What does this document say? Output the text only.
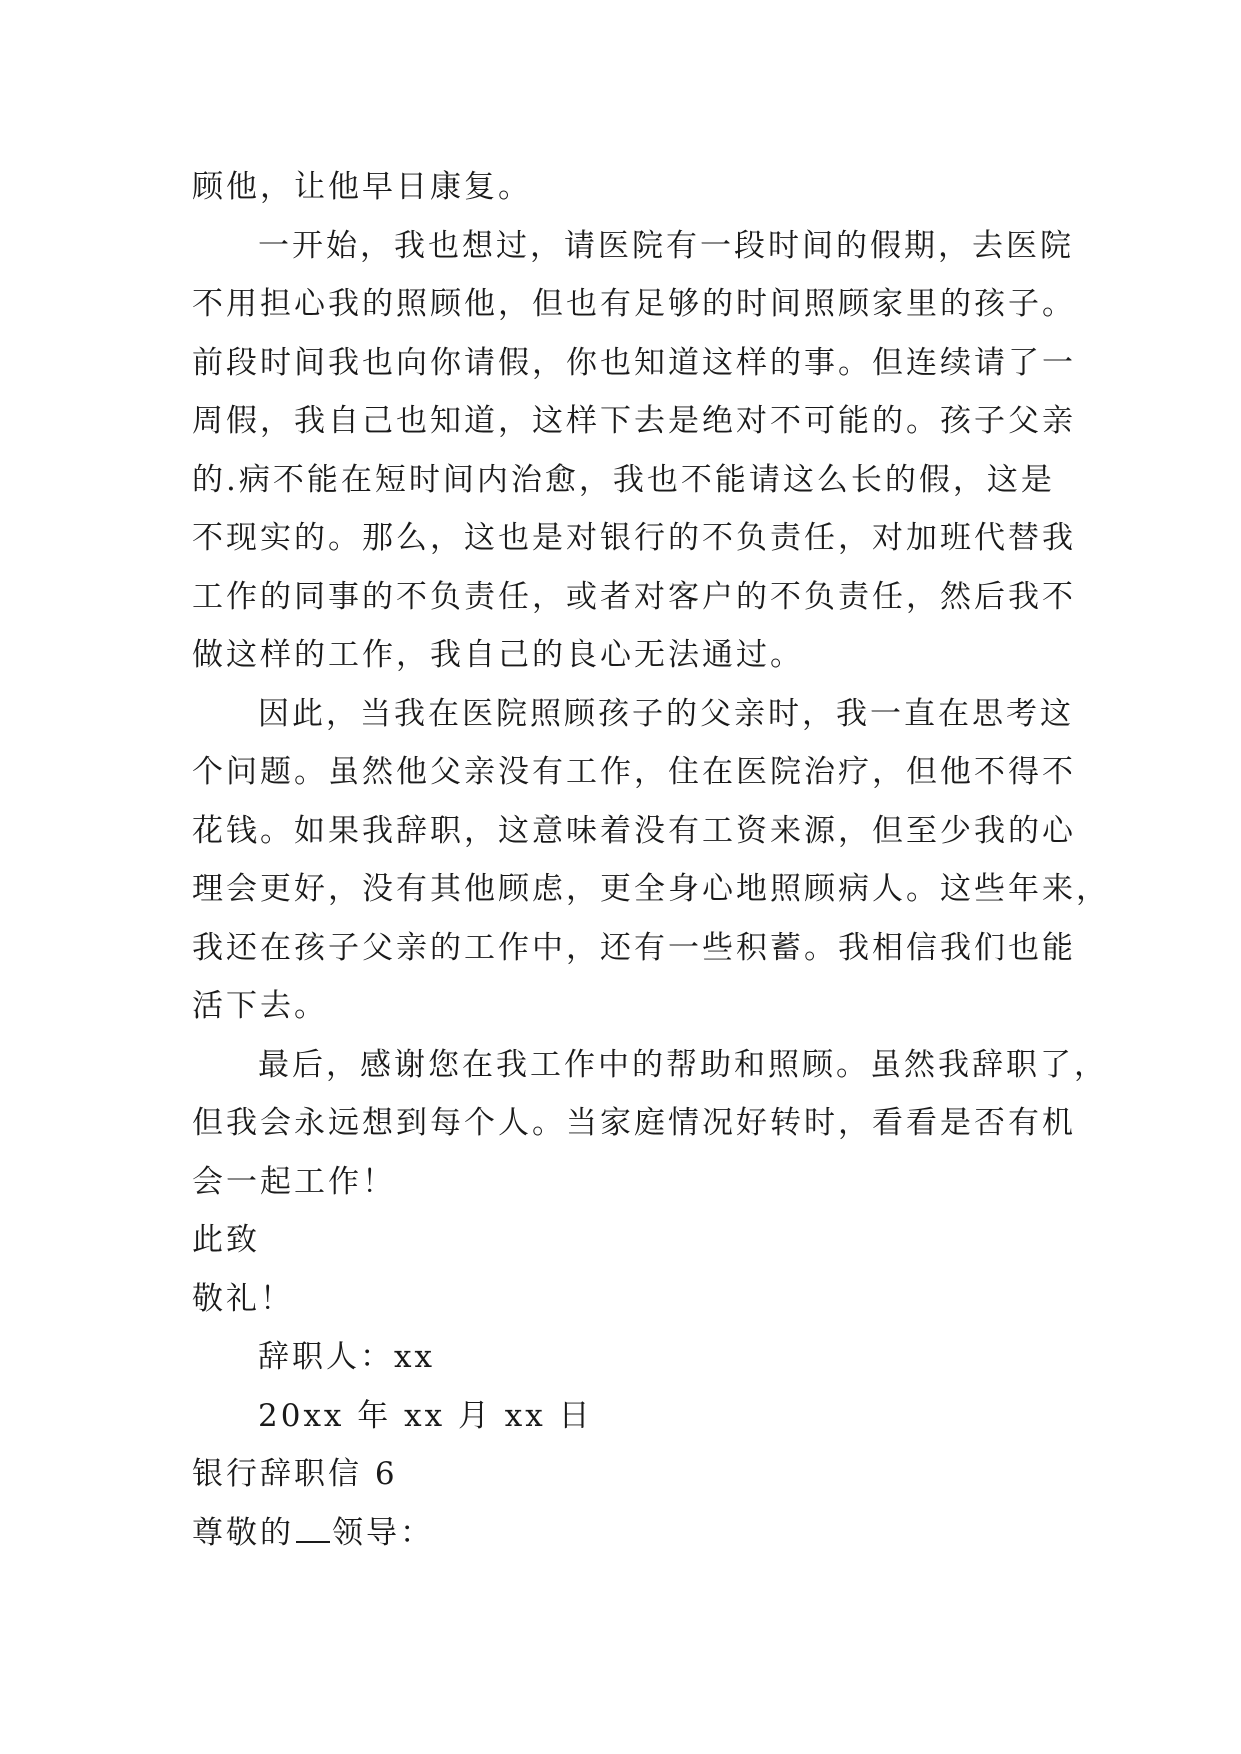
顾他，让他早日康复。
一开始，我也想过，请医院有一段时间的假期，去医院
不用担心我的照顾他，但也有足够的时间照顾家里的孩子。
前段时间我也向你请假，你也知道这样的事。但连续请了一
周假，我自己也知道，这样下去是绝对不可能的。孩子父亲
的.病不能在短时间内治愈，我也不能请这么长的假，这是
不现实的。那么，这也是对银行的不负责任，对加班代替我
工作的同事的不负责任，或者对客户的不负责任，然后我不
做这样的工作，我自己的良心无法通过。
因此，当我在医院照顾孩子的父亲时，我一直在思考这
个问题。虽然他父亲没有工作，住在医院治疗，但他不得不
花钱。如果我辞职，这意味着没有工资来源，但至少我的心
理会更好，没有其他顾虑，更全身心地照顾病人。这些年来，
我还在孩子父亲的工作中，还有一些积蓄。我相信我们也能
活下去。
最后，感谢您在我工作中的帮助和照顾。虽然我辞职了，
但我会永远想到每个人。当家庭情况好转时，看看是否有机
会一起工作！
此致
敬礼！
辞职人：xx
20xx 年 xx 月 xx 日
银行辞职信 6
尊敬的 领导：
